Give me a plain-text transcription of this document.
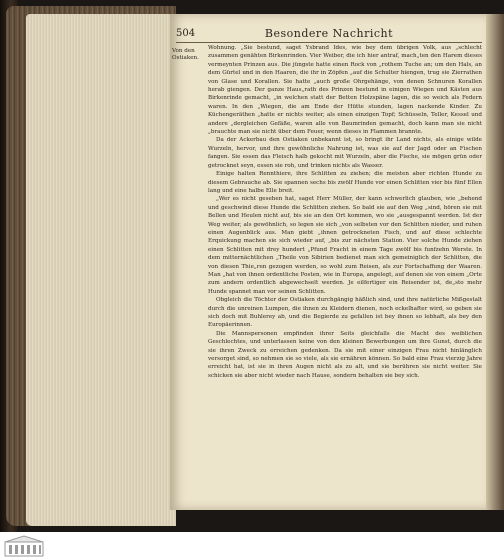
504	Besondere Nachricht
Von den Ostiaken.

Wohnung. „Sie bestund, saget Ysbrand Ides, wie bey dem übrigen Volk, aus „schlecht zusammen genähten Birkenrinden. Vier Weiber, die ich hier antraf, mach„ten den Harem dieses vermeynten Prinzen aus. Die jüngste hatte einen Rock von „rothem Tuche an; um den Hals, an dem Gürtel und in den Haaren, die ihr in Zöpfen „auf die Schulter hiengen, trug sie Zierrathen von Glase und Korallen. Sie hatte „auch große Ohrgehänge, von denen Schnuren Korallen herab giengen. Der ganze Haus„rath des Prinzen bestund in einigen Wiegen und Kästen aus Birkenrinde gemacht, „in welchen statt der Betten Holzspäne lagen, die so weich als Federn waren. In den „Wiegen, die am Ende der Hütte stunden, lagen nackende Kinder. Zu Küchengeräthen „hatte er nichts weiter, als einen einzigen Topf; Schüsseln, Teller, Kessel und andere „dergleichen Gefäße, waren alle von Baumrinden gemacht, doch kann man sie nicht „brauchte man sie nicht über dem Feuer, wenn dieses in Flammen brannte.

Da der Ackerbau den Ostiaken unbekannt ist, so bringt ihr Land nichts, als einige wilde Wurzeln, hervor, und ihre gewöhnliche Nahrung ist, was sie auf der Jagd oder an Fischen fangen. Sie essen das Fleisch halb gekocht mit Wurzeln, aber die Fische, sie mögen grün oder getrocknet seyn, essen sie roh, und trinken nichts als Wasser.

Einige halten Rennthiere, ihre Schlitten zu ziehen; die meisten aber richten Hunde zu diesem Gebrauche ab. Sie spannen sechs bis zwölf Hunde vor einen Schlitten vier bis fünf Ellen lang und eine halbe Elle breit.

„Wer es nicht gesehen hat, saget Herr Müller, der kann schwerlich glauben, wie „behend und geschwind diese Hunde die Schlitten ziehen. So bald sie auf den Weg „sind, hören sie mit Bellen und Heulen nicht auf, bis sie an den Ort kommen, wo sie „ausgespannt werden. Ist der Weg weiter, als gewöhnlich, so legen sie sich „von selbsten vor den Schlitten nieder, und ruhen einen Augenblick aus. Man giebt „ihnen getrockneten Fisch, und auf diese schlechte Erquickung machen sie sich wieder auf, „bis zur nächsten Station. Vier solche Hunde ziehen einen Schlitten mit drey hundert „Pfund Fracht in einem Tage zwölf bis funfzehn Werste. In dem mitternächtlichen „Theile von Sibirien bedienet man sich gemeiniglich der Schlitten, die von diesen Thie„ren gezogen werden, so wohl zum Reisen, als zur Fortschaffung der Waaren. Man „hat von ihnen ordentliche Posten, wie in Europa, angelegt, auf denen sie von einem „Orte zum andern ordentlich abgewechselt werden. Je eilfertiger ein Reisender ist, de„sto mehr Hunde spannet man vor seinen Schlitten.

Obgleich die Töchter der Ostiaken durchgängig häßlich sind, und ihre natürliche Mißgestalt durch die unreinen Lumpen, die ihnen zu Kleidern dienen, noch eckelhafter wird, so geben sie sich doch mit Buhlerey ab, und die Begierde zu gefallen ist bey ihnen so lebhaft, als bey den Europäerinnen.

Die Mannspersonen empfinden ihrer Seits gleichfalls die Macht des weiblichen Geschlechtes, und unterlassen keine von den kleinen Bewerbungen um ihre Gunst, durch die sie ihren Zweck zu erreichen gedenken. Da sie mit einer einzigen Frau nicht hinlänglich versorget sind, so nehmen sie so viele, als sie ernähren können. So bald eine Frau vierzig Jahre erreicht hat, ist sie in ihren Augen nicht als zu alt, und sie berühren sie nicht weiter. Sie schicken sie aber nicht wieder nach Hause, sondern behalten sie bey sich.
